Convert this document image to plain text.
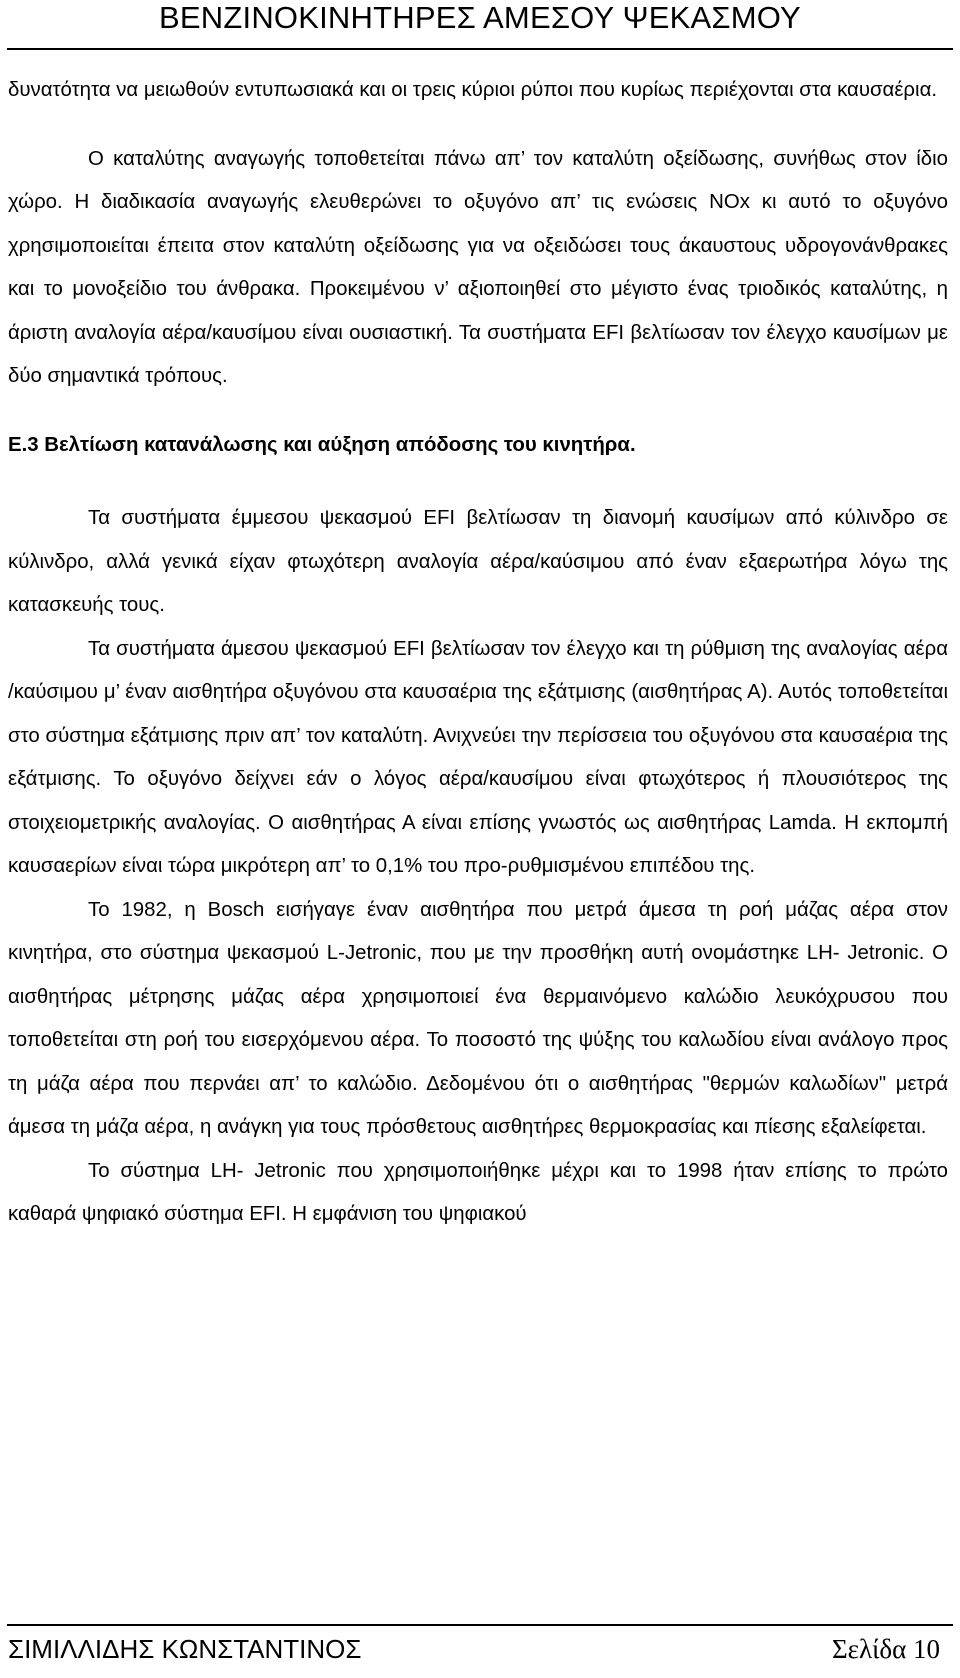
ΒΕΝΖΙΝΟΚΙΝΗΤΗΡΕΣ ΑΜΕΣΟΥ ΨΕΚΑΣΜΟΥ

δυνατότητα να μειωθούν εντυπωσιακά και οι τρεις κύριοι ρύποι που κυρίως περιέχονται στα καυσαέρια.

Ο καταλύτης αναγωγής τοποθετείται πάνω απ’ τον καταλύτη οξείδωσης, συνήθως στον ίδιο χώρο. Η διαδικασία αναγωγής ελευθερώνει το οξυγόνο απ’ τις ενώσεις NOx κι αυτό το οξυγόνο χρησιμοποιείται έπειτα στον καταλύτη οξείδωσης για να οξειδώσει τους άκαυστους υδρογονάνθρακες και το μονοξείδιο του άνθρακα. Προκειμένου ν’ αξιοποιηθεί στο μέγιστο ένας τριοδικός καταλύτης, η άριστη αναλογία αέρα/καυσίμου είναι ουσιαστική. Τα συστήματα EFI βελτίωσαν τον έλεγχο καυσίμων με δύο σημαντικά τρόπους.

Ε.3 Βελτίωση κατανάλωσης και αύξηση απόδοσης του κινητήρα.

Τα συστήματα έμμεσου ψεκασμού EFI βελτίωσαν τη διανομή καυσίμων από κύλινδρο σε κύλινδρο, αλλά γενικά είχαν φτωχότερη αναλογία αέρα/καύσιμου από έναν εξαερωτήρα λόγω της κατασκευής τους.

Τα συστήματα άμεσου ψεκασμού EFI βελτίωσαν τον έλεγχο και τη ρύθμιση της αναλογίας αέρα /καύσιμου μ’ έναν αισθητήρα οξυγόνου στα καυσαέρια της εξάτμισης (αισθητήρας Α). Αυτός τοποθετείται στο σύστημα εξάτμισης πριν απ’ τον καταλύτη. Ανιχνεύει την περίσσεια του οξυγόνου στα καυσαέρια της εξάτμισης. Το οξυγόνο δείχνει εάν ο λόγος αέρα/καυσίμου είναι φτωχότερος ή πλουσιότερος της στοιχειομετρικής αναλογίας. Ο αισθητήρας Α είναι επίσης γνωστός ως αισθητήρας Lamda. Η εκπομπή καυσαερίων είναι τώρα μικρότερη απ’ το 0,1% του προ-ρυθμισμένου επιπέδου της.

Το 1982, η Bosch εισήγαγε έναν αισθητήρα που μετρά άμεσα τη ροή μάζας αέρα στον κινητήρα, στο σύστημα ψεκασμού L-Jetronic, που με την προσθήκη αυτή ονομάστηκε LH- Jetronic. Ο αισθητήρας μέτρησης μάζας αέρα χρησιμοποιεί ένα θερμαινόμενο καλώδιο λευκόχρυσου που τοποθετείται στη ροή του εισερχόμενου αέρα. Το ποσοστό της ψύξης του καλωδίου είναι ανάλογο προς τη μάζα αέρα που περνάει απ’ το καλώδιο. Δεδομένου ότι ο αισθητήρας "θερμών καλωδίων" μετρά άμεσα τη μάζα αέρα, η ανάγκη για τους πρόσθετους αισθητήρες θερμοκρασίας και πίεσης εξαλείφεται.

Το σύστημα LH- Jetronic που χρησιμοποιήθηκε μέχρι και το 1998 ήταν επίσης το πρώτο καθαρά ψηφιακό σύστημα EFI. Η εμφάνιση του ψηφιακού

ΣΙΜΙΛΛΙΔΗΣ ΚΩΝΣΤΑΝΤΙΝΟΣ	Σελίδα 10
